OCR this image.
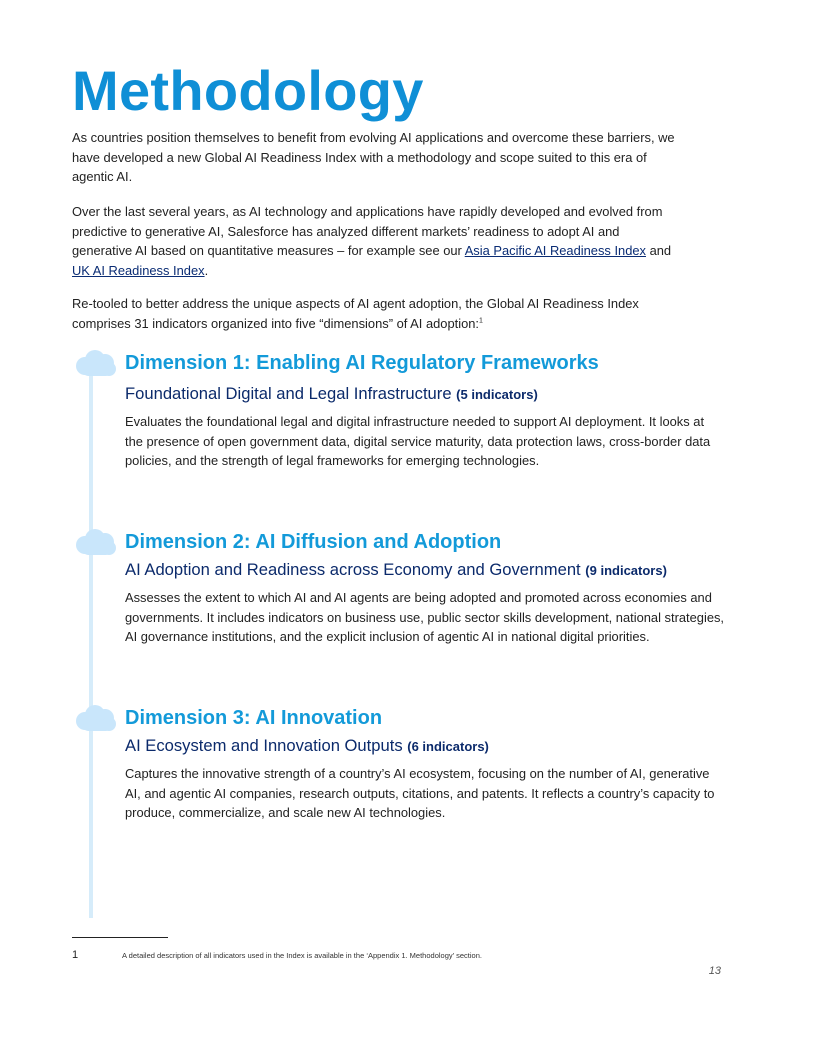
Methodology

As countries position themselves to benefit from evolving AI applications and overcome these barriers, we have developed a new Global AI Readiness Index with a methodology and scope suited to this era of agentic AI.

Over the last several years, as AI technology and applications have rapidly developed and evolved from predictive to generative AI, Salesforce has analyzed different markets’ readiness to adopt AI and generative AI based on quantitative measures – for example see our Asia Pacific AI Readiness Index and UK AI Readiness Index.

Re-tooled to better address the unique aspects of AI agent adoption, the Global AI Readiness Index comprises 31 indicators organized into five “dimensions” of AI adoption:$^1$

Dimension 1: Enabling AI Regulatory Frameworks
Foundational Digital and Legal Infrastructure (5 indicators)

Evaluates the foundational legal and digital infrastructure needed to support AI deployment. It looks at the presence of open government data, digital service maturity, data protection laws, cross-border data policies, and the strength of legal frameworks for emerging technologies.

Dimension 2: AI Diffusion and Adoption
AI Adoption and Readiness across Economy and Government (9 indicators)

Assesses the extent to which AI and AI agents are being adopted and promoted across economies and governments. It includes indicators on business use, public sector skills development, national strategies, AI governance institutions, and the explicit inclusion of agentic AI in national digital priorities.

Dimension 3: AI Innovation
AI Ecosystem and Innovation Outputs (6 indicators)

Captures the innovative strength of a country’s AI ecosystem, focusing on the number of AI, generative AI, and agentic AI companies, research outputs, citations, and patents. It reflects a country’s capacity to produce, commercialize, and scale new AI technologies.

1	A detailed description of all indicators used in the Index is available in the ‘Appendix 1. Methodology’ section.
13
